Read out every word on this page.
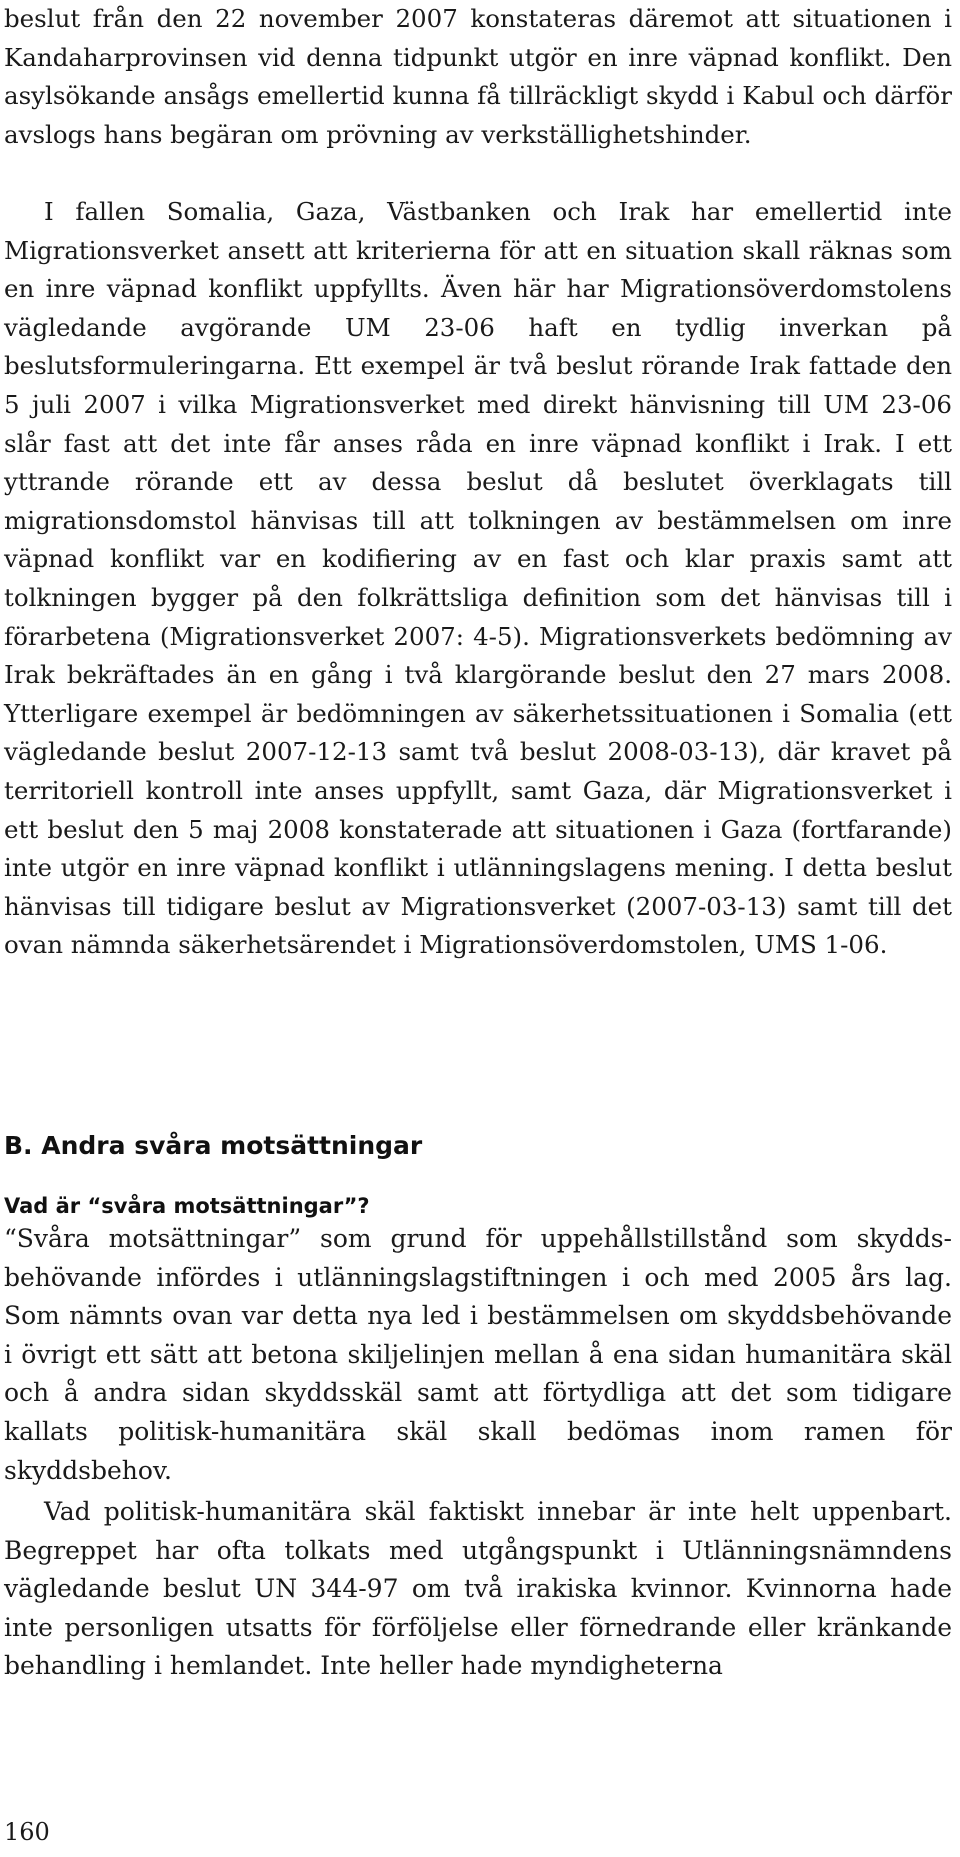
beslut från den 22 november 2007 konstateras däremot att situationen i Kandaharprovinsen vid denna tidpunkt utgör en inre väpnad konflikt. Den asylsökande ansågs emellertid kunna få tillräckligt skydd i Kabul och därför avslogs hans begäran om prövning av verkställighetshinder.

I fallen Somalia, Gaza, Västbanken och Irak har emellertid inte Migrationsverket ansett att kriterierna för att en situation skall räknas som en inre väpnad konflikt uppfyllts. Även här har Migrationsöverdomstolens vägledande avgörande UM 23-06 haft en tydlig inverkan på beslutsformuleringarna. Ett exempel är två beslut rörande Irak fattade den 5 juli 2007 i vilka Migrationsverket med direkt hänvisning till UM 23-06 slår fast att det inte får anses råda en inre väpnad konflikt i Irak. I ett yttrande rörande ett av dessa beslut då beslutet överklagats till migrationsdomstol hänvisas till att tolkningen av bestämmelsen om inre väpnad konflikt var en kodifiering av en fast och klar praxis samt att tolkningen bygger på den folkrättsliga definition som det hänvisas till i förarbetena (Migrationsverket 2007: 4-5). Migrationsverkets bedömning av Irak bekräftades än en gång i två klargörande beslut den 27 mars 2008. Ytterligare exempel är bedömningen av säkerhetssituationen i Somalia (ett vägledande beslut 2007-12-13 samt två beslut 2008-03-13), där kravet på territoriell kontroll inte anses uppfyllt, samt Gaza, där Migrationsverket i ett beslut den 5 maj 2008 konstaterade att situationen i Gaza (fortfarande) inte utgör en inre väpnad konflikt i utlänningslagens mening. I detta beslut hänvisas till tidigare beslut av Migrationsverket (2007-03-13) samt till det ovan nämnda säkerhetsärendet i Migrationsöverdomstolen, UMS 1-06.

B. Andra svåra motsättningar
Vad är “svåra motsättningar”?

“Svåra motsättningar” som grund för uppehållstillstånd som skyddsbehövande infördes i utlänningslagstiftningen i och med 2005 års lag. Som nämnts ovan var detta nya led i bestämmelsen om skyddsbehövande i övrigt ett sätt att betona skiljelinjen mellan å ena sidan humanitära skäl och å andra sidan skyddsskäl samt att förtydliga att det som tidigare kallats politisk-humanitära skäl skall bedömas inom ramen för skyddsbehov.

Vad politisk-humanitära skäl faktiskt innebar är inte helt uppenbart. Begreppet har ofta tolkats med utgångspunkt i Utlänningsnämndens vägledande beslut UN 344-97 om två irakiska kvinnor. Kvinnorna hade inte personligen utsatts för förföljelse eller förnedrande eller kränkande behandling i hemlandet. Inte heller hade myndigheterna

160
